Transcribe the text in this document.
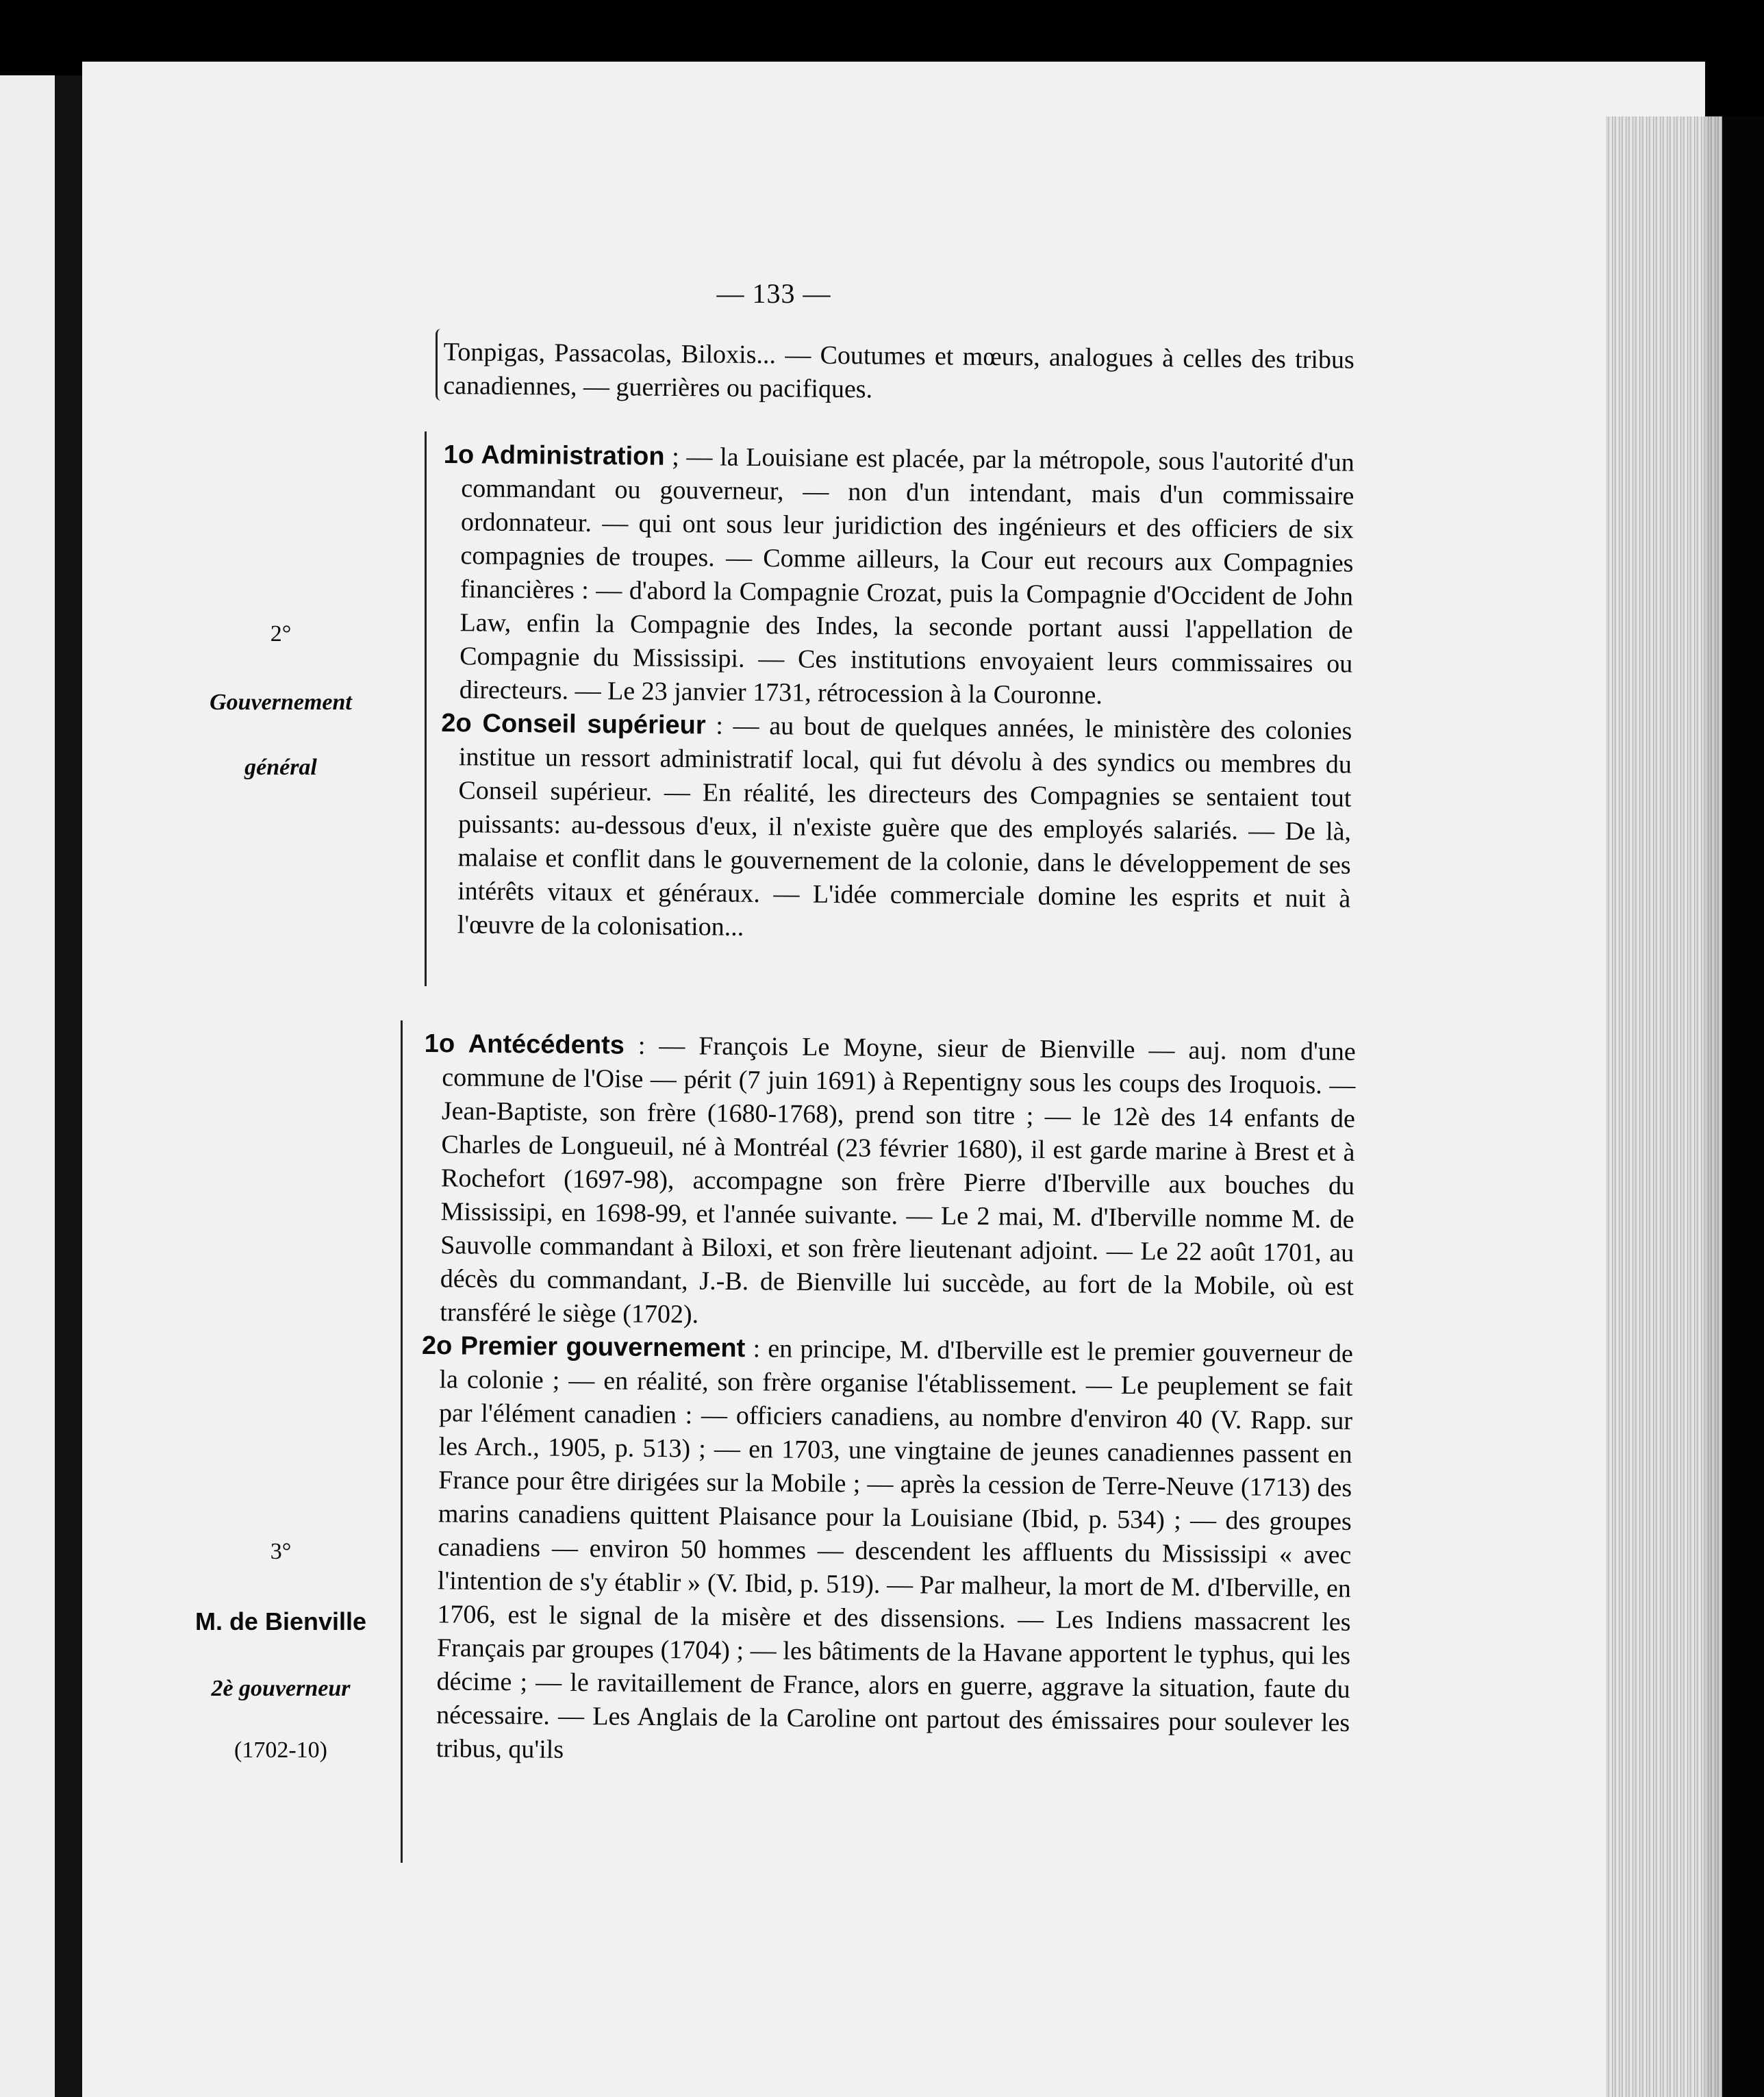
— 133 —
2°
Gouvernement
général
3°
M. de Bienville
2è gouverneur
(1702-10)

Tonpigas, Passacolas, Biloxis... — Coutumes et mœurs, analogues à celles des tribus canadiennes, — guerrières ou pacifiques.

1o Administration ; — la Louisiane est placée, par la métropole, sous l'autorité d'un commandant ou gouverneur, — non d'un intendant, mais d'un commissaire ordonnateur. — qui ont sous leur juridiction des ingénieurs et des officiers de six compagnies de troupes. — Comme ailleurs, la Cour eut recours aux Compagnies financières : — d'abord la Compagnie Crozat, puis la Compagnie d'Occident de John Law, enfin la Compagnie des Indes, la seconde portant aussi l'appellation de Compagnie du Mississipi. — Ces institutions envoyaient leurs commissaires ou directeurs. — Le 23 janvier 1731, rétrocession à la Couronne.

2o Conseil supérieur : — au bout de quelques années, le ministère des colonies institue un ressort administratif local, qui fut dévolu à des syndics ou membres du Conseil supérieur. — En réalité, les directeurs des Compagnies se sentaient tout puissants: au-dessous d'eux, il n'existe guère que des employés salariés. — De là, malaise et conflit dans le gouvernement de la colonie, dans le développement de ses intérêts vitaux et généraux. — L'idée commerciale domine les esprits et nuit à l'œuvre de la colonisation...

1o Antécédents : — François Le Moyne, sieur de Bienville — auj. nom d'une commune de l'Oise — périt (7 juin 1691) à Repentigny sous les coups des Iroquois. — Jean-Baptiste, son frère (1680-1768), prend son titre ; — le 12è des 14 enfants de Charles de Longueuil, né à Montréal (23 février 1680), il est garde marine à Brest et à Rochefort (1697-98), accompagne son frère Pierre d'Iberville aux bouches du Mississipi, en 1698-99, et l'année suivante. — Le 2 mai, M. d'Iberville nomme M. de Sauvolle commandant à Biloxi, et son frère lieutenant adjoint. — Le 22 août 1701, au décès du commandant, J.-B. de Bienville lui succède, au fort de la Mobile, où est transféré le siège (1702).

2o Premier gouvernement : en principe, M. d'Iberville est le premier gouverneur de la colonie ; — en réalité, son frère organise l'établissement. — Le peuplement se fait par l'élément canadien : — officiers canadiens, au nombre d'environ 40 (V. Rapp. sur les Arch., 1905, p. 513) ; — en 1703, une vingtaine de jeunes canadiennes passent en France pour être dirigées sur la Mobile ; — après la cession de Terre-Neuve (1713) des marins canadiens quittent Plaisance pour la Louisiane (Ibid, p. 534) ; — des groupes canadiens — environ 50 hommes — descendent les affluents du Mississipi « avec l'intention de s'y établir » (V. Ibid, p. 519). — Par malheur, la mort de M. d'Iberville, en 1706, est le signal de la misère et des dissensions. — Les Indiens massacrent les Français par groupes (1704) ; — les bâtiments de la Havane apportent le typhus, qui les décime ; — le ravitaillement de France, alors en guerre, aggrave la situation, faute du nécessaire. — Les Anglais de la Caroline ont partout des émissaires pour soulever les tribus, qu'ils
